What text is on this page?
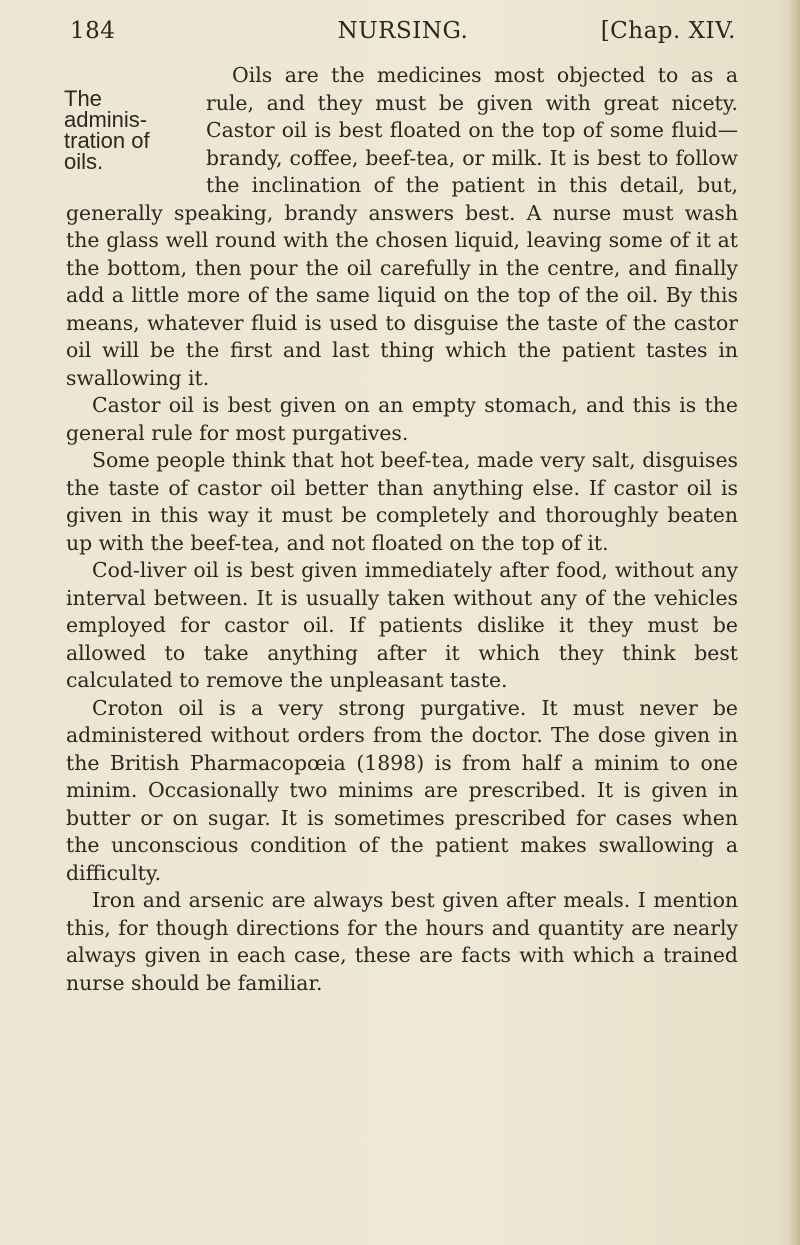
184	NURSING.	[Chap. XIV.
The
adminis-
tration of
oils.

Oils are the medicines most objected to as a rule, and they must be given with great nicety. Castor oil is best floated on the top of some fluid—brandy, coffee, beef-tea, or milk. It is best to follow the inclination of the patient in this detail, but, generally speaking, brandy answers best. A nurse must wash the glass well round with the chosen liquid, leaving some of it at the bottom, then pour the oil carefully in the centre, and finally add a little more of the same liquid on the top of the oil. By this means, whatever fluid is used to disguise the taste of the castor oil will be the first and last thing which the patient tastes in swallowing it.

Castor oil is best given on an empty stomach, and this is the general rule for most purgatives.

Some people think that hot beef-tea, made very salt, disguises the taste of castor oil better than anything else. If castor oil is given in this way it must be completely and thoroughly beaten up with the beef-tea, and not floated on the top of it.

Cod-liver oil is best given immediately after food, without any interval between. It is usually taken without any of the vehicles employed for castor oil. If patients dislike it they must be allowed to take anything after it which they think best calculated to remove the unpleasant taste.

Croton oil is a very strong purgative. It must never be administered without orders from the doctor. The dose given in the British Pharmacopœia (1898) is from half a minim to one minim. Occasionally two minims are prescribed. It is given in butter or on sugar. It is sometimes prescribed for cases when the unconscious condition of the patient makes swallowing a difficulty.

Iron and arsenic are always best given after meals. I mention this, for though directions for the hours and quantity are nearly always given in each case, these are facts with which a trained nurse should be familiar.
